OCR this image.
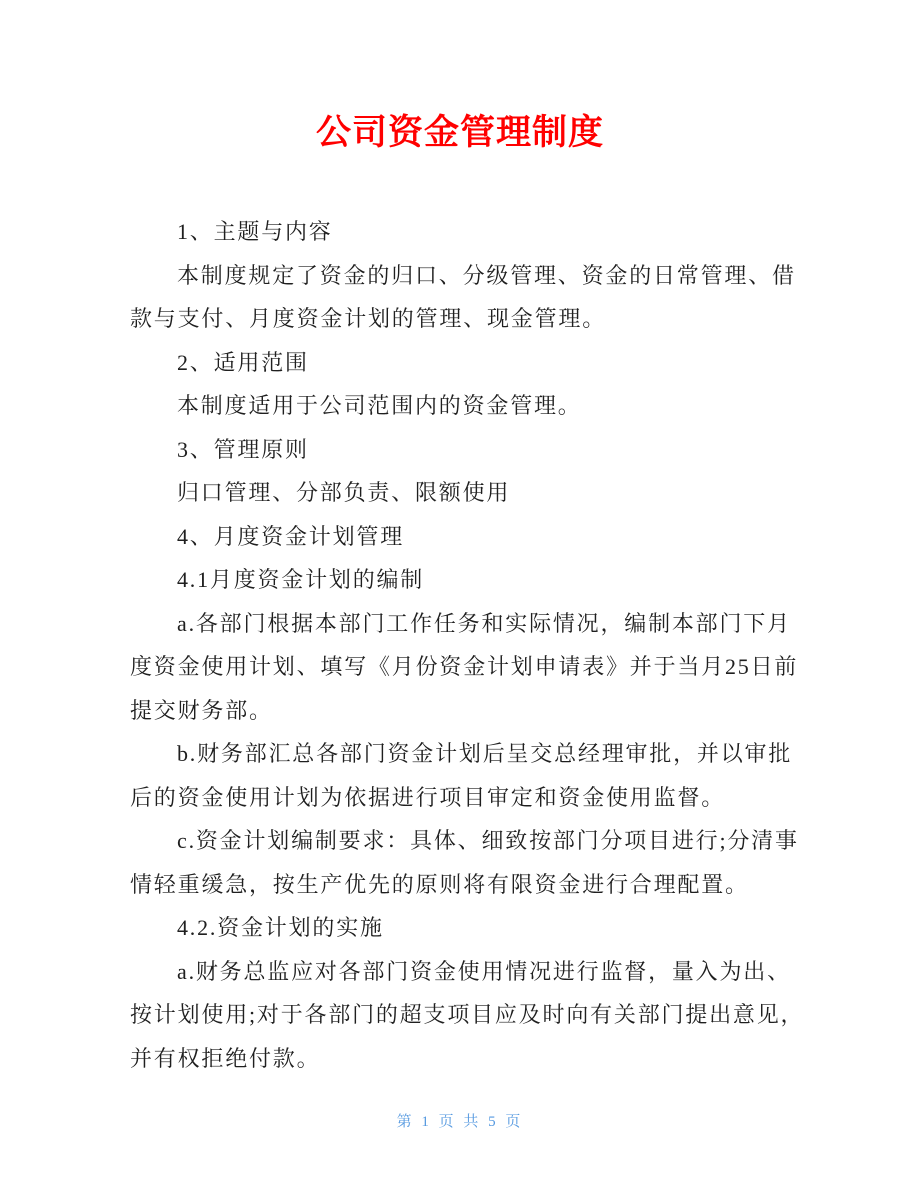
公司资金管理制度
1、主题与内容
本制度规定了资金的归口、分级管理、资金的日常管理、借
款与支付、月度资金计划的管理、现金管理。
2、适用范围
本制度适用于公司范围内的资金管理。
3、管理原则
归口管理、分部负责、限额使用
4、月度资金计划管理
4.1月度资金计划的编制
a.各部门根据本部门工作任务和实际情况，编制本部门下月
度资金使用计划、填写《月份资金计划申请表》并于当月25日前
提交财务部。
b.财务部汇总各部门资金计划后呈交总经理审批，并以审批
后的资金使用计划为依据进行项目审定和资金使用监督。
c.资金计划编制要求：具体、细致按部门分项目进行;分清事
情轻重缓急，按生产优先的原则将有限资金进行合理配置。
4.2.资金计划的实施
a.财务总监应对各部门资金使用情况进行监督，量入为出、
按计划使用;对于各部门的超支项目应及时向有关部门提出意见，
并有权拒绝付款。
第 1 页 共 5 页
